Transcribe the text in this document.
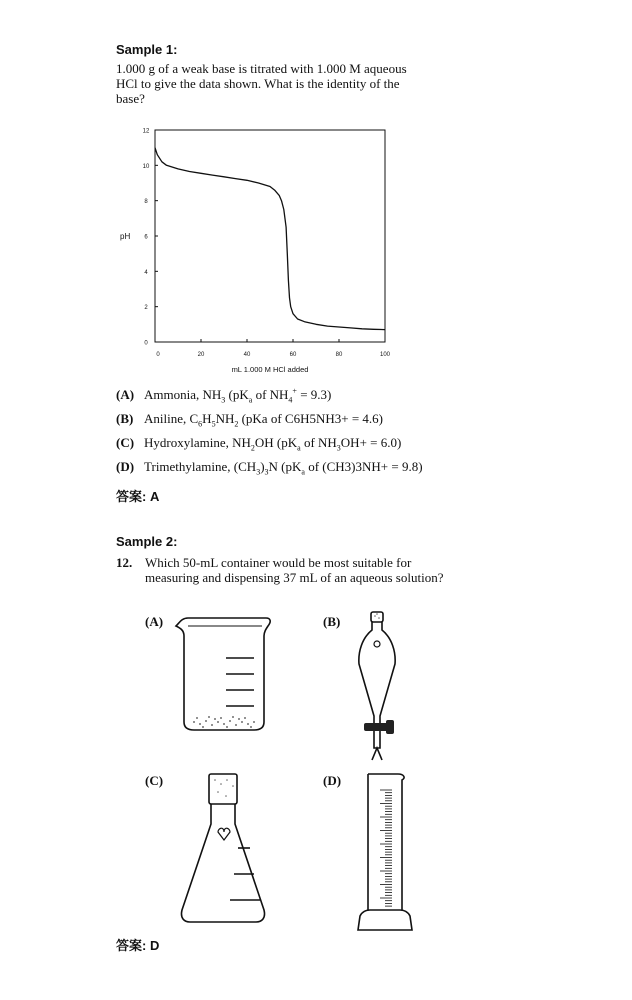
Sample 1:
1.000 g of a weak base is titrated with 1.000 M aqueous
HCl to give the data shown. What is the identity of the
base?
0
2
4
6
8
10
12
0	20	40	60	80	100
pH
mL 1.000 M HCl added
(A) Ammonia, $NH_3$ ($pK_a$ of $NH_4^+ = 9.3$)
(B) Aniline, $C_6H_5NH_2$ (pKa of C6H5NH3+ = 4.6)
(C) Hydroxylamine, $NH_2OH$ ($pK_a$ of $NH_3OH+ = 6.0$)
(D) Trimethylamine, $(CH_3)_3N$ ($pK_a$ of (CH3)3NH+ = 9.8)
答案: A
Sample 2:
12. Which 50-mL container would be most suitable for
measuring and dispensing 37 mL of an aqueous solution?
(A)	(B)
(C)	(D)
答案: D
